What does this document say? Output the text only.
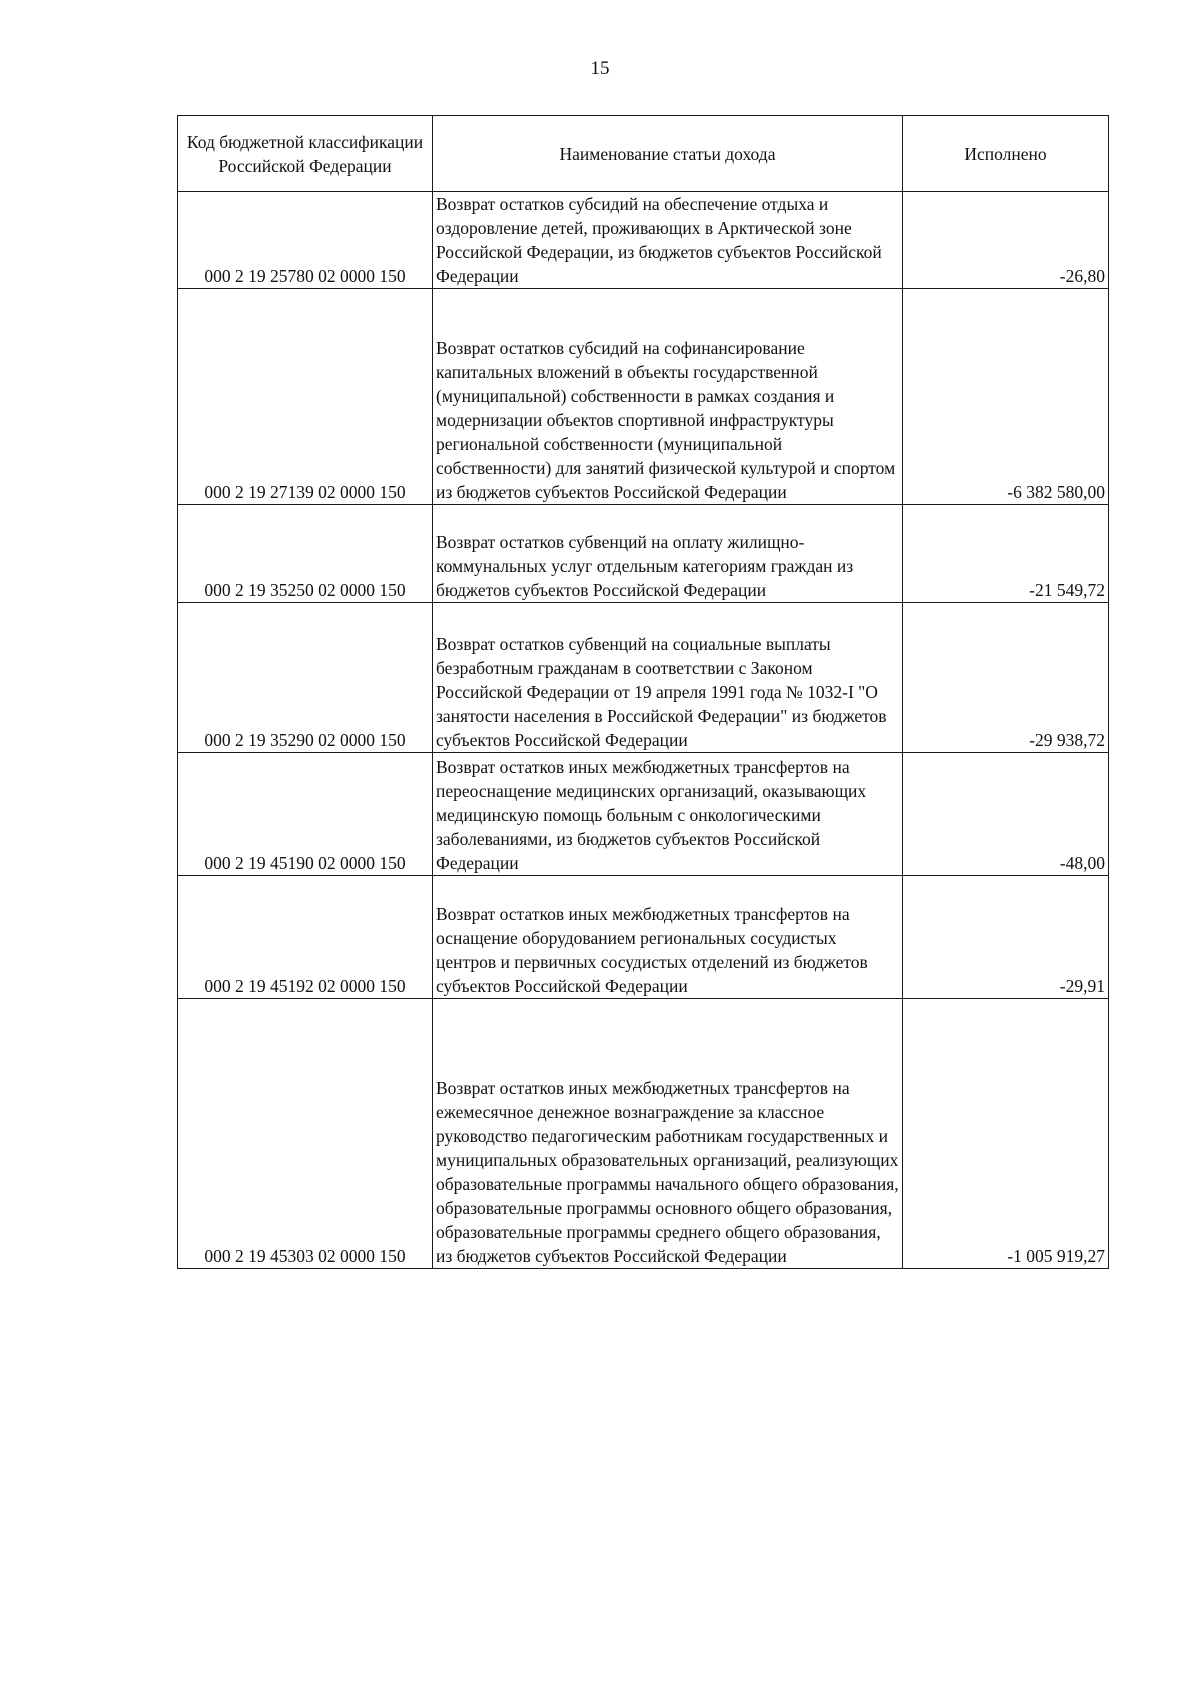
15
Код бюджетной классификации Российской Федерации	Наименование статьи дохода	Исполнено
000 2 19 25780 02 0000 150	Возврат остатков субсидий на обеспечение отдыха и оздоровление детей, проживающих в Арктической зоне Российской Федерации, из бюджетов субъектов Российской Федерации	-26,80
000 2 19 27139 02 0000 150	Возврат остатков субсидий на софинансирование капитальных вложений в объекты государственной (муниципальной) собственности в рамках создания и модернизации объектов спортивной инфраструктуры региональной собственности (муниципальной собственности) для занятий физической культурой и спортом из бюджетов субъектов Российской Федерации	-6 382 580,00
000 2 19 35250 02 0000 150	Возврат остатков субвенций на оплату жилищно-коммунальных услуг отдельным категориям граждан из бюджетов субъектов Российской Федерации	-21 549,72
000 2 19 35290 02 0000 150	Возврат остатков субвенций на социальные выплаты безработным гражданам в соответствии с Законом Российской Федерации от 19 апреля 1991 года № 1032-I "О занятости населения в Российской Федерации" из бюджетов субъектов Российской Федерации	-29 938,72
000 2 19 45190 02 0000 150	Возврат остатков иных межбюджетных трансфертов на переоснащение медицинских организаций, оказывающих медицинскую помощь больным с онкологическими заболеваниями, из бюджетов субъектов Российской Федерации	-48,00
000 2 19 45192 02 0000 150	Возврат остатков иных межбюджетных трансфертов на оснащение оборудованием региональных сосудистых центров и первичных сосудистых отделений из бюджетов субъектов Российской Федерации	-29,91
000 2 19 45303 02 0000 150	Возврат остатков иных межбюджетных трансфертов на ежемесячное денежное вознаграждение за классное руководство педагогическим работникам государственных и муниципальных образовательных организаций, реализующих образовательные программы начального общего образования, образовательные программы основного общего образования, образовательные программы среднего общего образования, из бюджетов субъектов Российской Федерации	-1 005 919,27
